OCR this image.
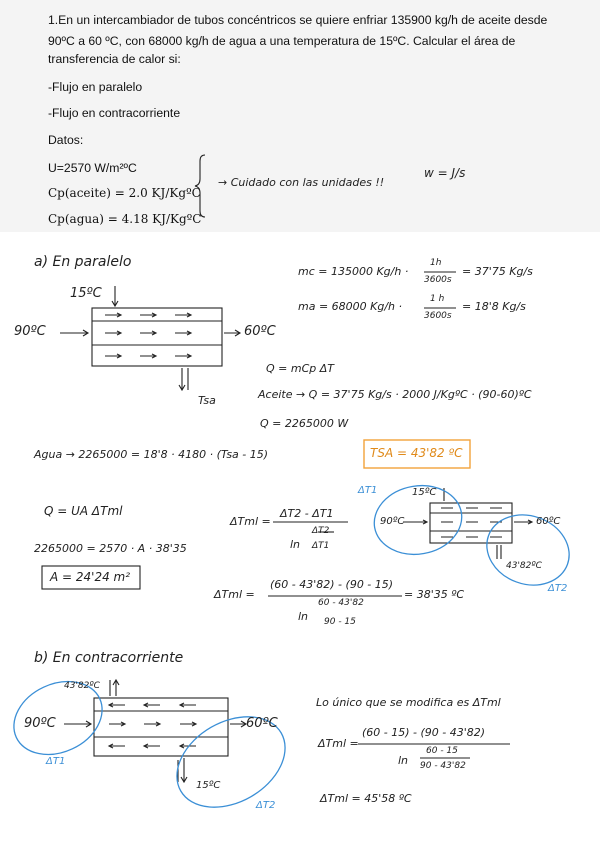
1.En un intercambiador de tubos concéntricos se quiere enfriar 135900 kg/h de aceite desde
90ºC a 60 ºC, con 68000 kg/h de agua a una temperatura de 15ºC. Calcular el área de
transferencia de calor si:
-Flujo en paralelo
-Flujo en contracorriente
Datos:
U=2570 W/m²ºC
Cp(aceite) = 2.0 KJ/KgºC
Cp(agua) = 4.18 KJ/KgºC
→ Cuidado con las unidades !!
w = J/s
a) En paralelo
mc = 135000 Kg/h ·
1h
3600s
= 37'75 Kg/s
ma = 68000 Kg/h ·
1 h
3600s
= 18'8 Kg/s
15ºC
90ºC	60ºC
Tsa
Q = mCp ΔT
Aceite → Q = 37'75 Kg/s · 2000 J/KgºC · (90-60)ºC
Q = 2265000 W
Agua → 2265000 = 18'8 · 4180 · (Tsa - 15)	TSA = 43'82 ºC
Q = UA ΔTml
2265000 = 2570 · A · 38'35
A = 24'24 m²
ΔTml =
ΔT2 - ΔT1
ln
ΔT2
ΔT1
ΔTml =
(60 - 43'82) - (90 - 15)
ln
60 - 43'82
90 - 15
= 38'35 ºC
ΔT1
ΔT2
15ºC
90ºC	60ºC
43'82ºC
b) En contracorriente
43'82ºC
90ºC	60ºC
15ºC
ΔT1
ΔT2
Lo único que se modifica es ΔTml
ΔTml =
(60 - 15) - (90 - 43'82)
ln
60 - 15
90 - 43'82
ΔTml = 45'58 ºC
